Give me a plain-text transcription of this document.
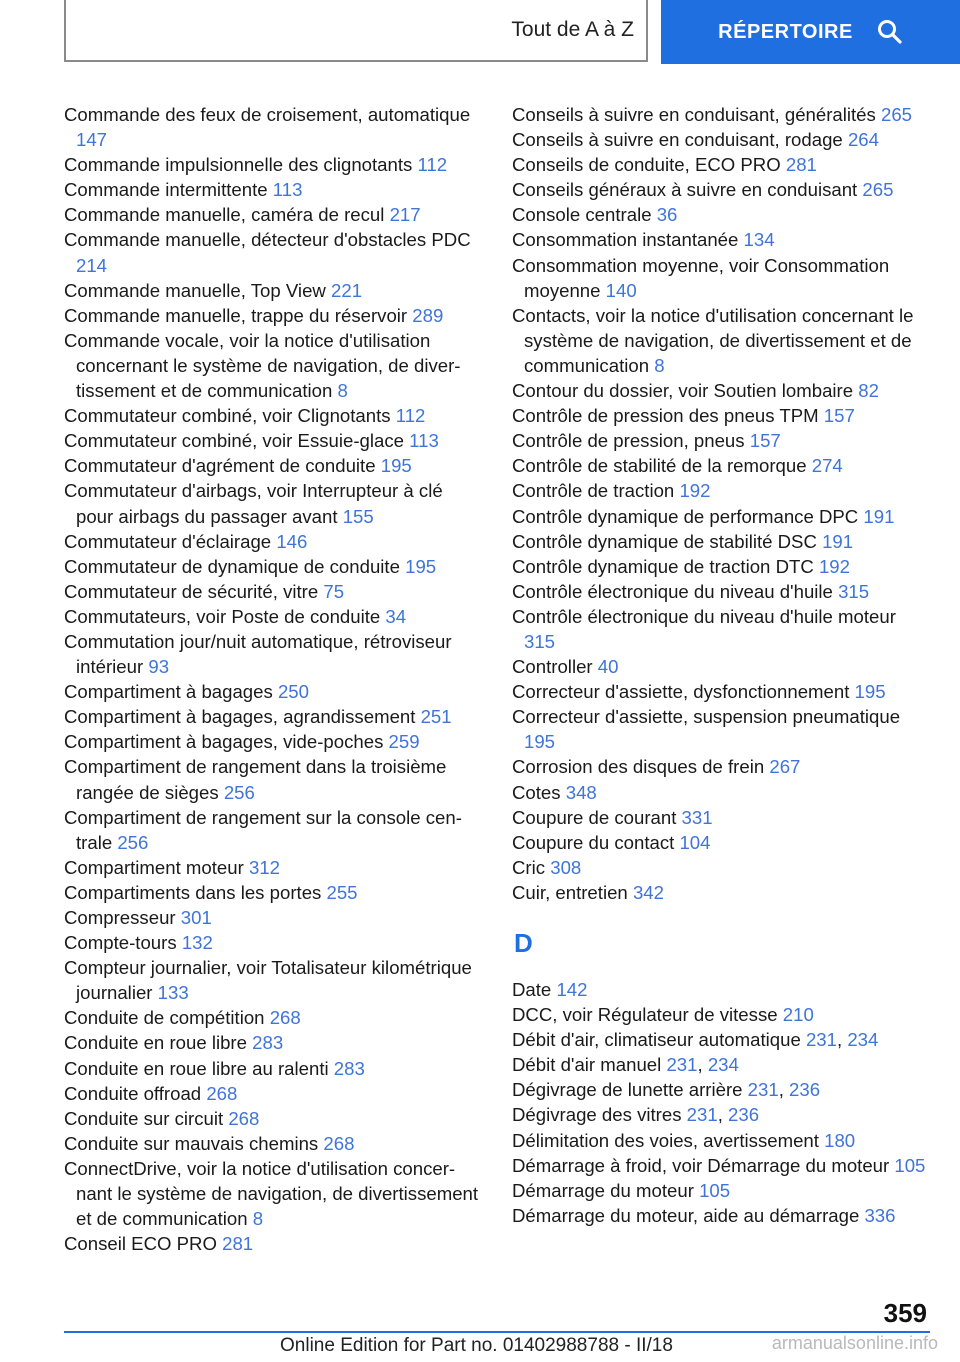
Tout de A à Z	RÉPERTOIRE
Commande des feux de croisement, automatique 147
Commande impulsionnelle des clignotants 112
Commande intermittente 113
Commande manuelle, caméra de recul 217
Commande manuelle, détecteur d'obstacles PDC 214
Commande manuelle, Top View 221
Commande manuelle, trappe du réservoir 289
Commande vocale, voir la notice d'utilisation concernant le système de navigation, de divertissement et de communication 8
Commutateur combiné, voir Clignotants 112
Commutateur combiné, voir Essuie-glace 113
Commutateur d'agrément de conduite 195
Commutateur d'airbags, voir Interrupteur à clé pour airbags du passager avant 155
Commutateur d'éclairage 146
Commutateur de dynamique de conduite 195
Commutateur de sécurité, vitre 75
Commutateurs, voir Poste de conduite 34
Commutation jour/nuit automatique, rétroviseur intérieur 93
Compartiment à bagages 250
Compartiment à bagages, agrandissement 251
Compartiment à bagages, vide-poches 259
Compartiment de rangement dans la troisième rangée de sièges 256
Compartiment de rangement sur la console centrale 256
Compartiment moteur 312
Compartiments dans les portes 255
Compresseur 301
Compte-tours 132
Compteur journalier, voir Totalisateur kilométrique journalier 133
Conduite de compétition 268
Conduite en roue libre 283
Conduite en roue libre au ralenti 283
Conduite offroad 268
Conduite sur circuit 268
Conduite sur mauvais chemins 268
ConnectDrive, voir la notice d'utilisation concernant le système de navigation, de divertissement et de communication 8
Conseil ECO PRO 281
Conseils à suivre en conduisant, généralités 265
Conseils à suivre en conduisant, rodage 264
Conseils de conduite, ECO PRO 281
Conseils généraux à suivre en conduisant 265
Console centrale 36
Consommation instantanée 134
Consommation moyenne, voir Consommation moyenne 140
Contacts, voir la notice d'utilisation concernant le système de navigation, de divertissement et de communication 8
Contour du dossier, voir Soutien lombaire 82
Contrôle de pression des pneus TPM 157
Contrôle de pression, pneus 157
Contrôle de stabilité de la remorque 274
Contrôle de traction 192
Contrôle dynamique de performance DPC 191
Contrôle dynamique de stabilité DSC 191
Contrôle dynamique de traction DTC 192
Contrôle électronique du niveau d'huile 315
Contrôle électronique du niveau d'huile moteur 315
Controller 40
Correcteur d'assiette, dysfonctionnement 195
Correcteur d'assiette, suspension pneumatique 195
Corrosion des disques de frein 267
Cotes 348
Coupure de courant 331
Coupure du contact 104
Cric 308
Cuir, entretien 342
D
Date 142
DCC, voir Régulateur de vitesse 210
Débit d'air, climatiseur automatique 231, 234
Débit d'air manuel 231, 234
Dégivrage de lunette arrière 231, 236
Dégivrage des vitres 231, 236
Délimitation des voies, avertissement 180
Démarrage à froid, voir Démarrage du moteur 105
Démarrage du moteur 105
Démarrage du moteur, aide au démarrage 336
359
Online Edition for Part no. 01402988788 - II/18	armanualsonline.info
